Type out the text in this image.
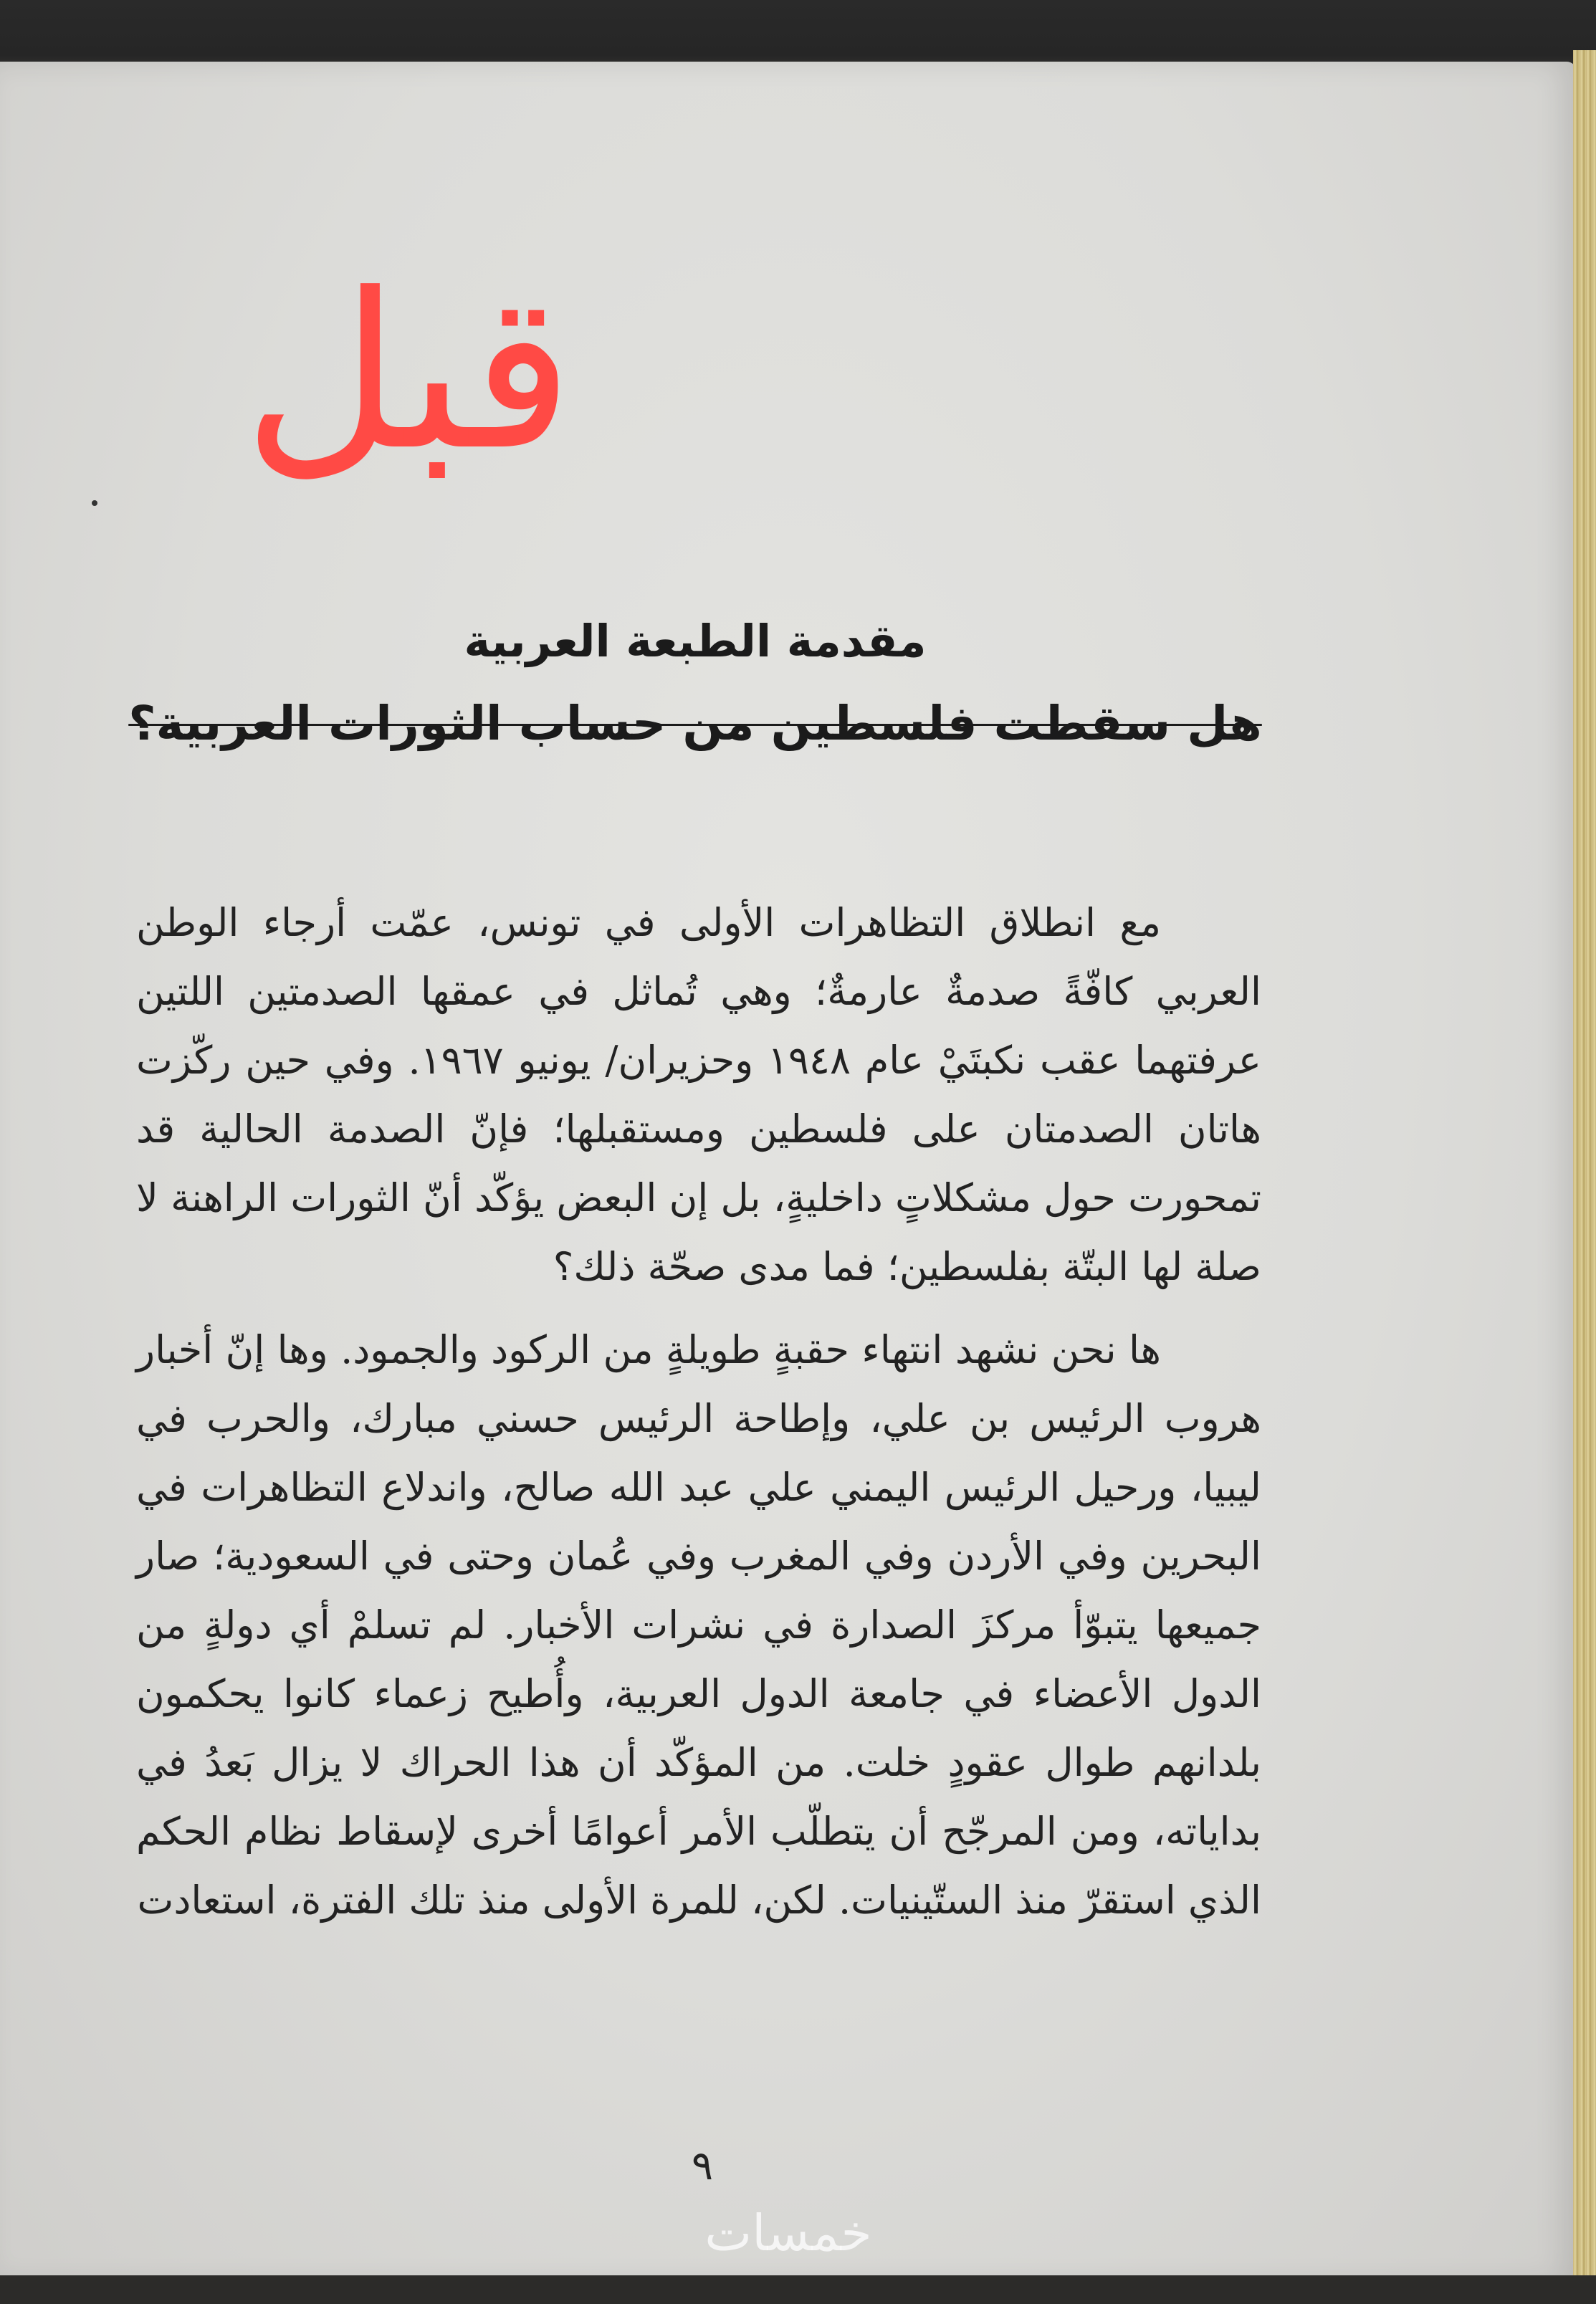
قبل
مقدمة الطبعة العربية
هل سقطت فلسطين من حساب الثورات العربية؟

مع انطلاق التظاهرات الأولى في تونس، عمّت أرجاء الوطن العربي كافّةً صدمةٌ عارمةٌ؛ وهي تُماثل في عمقها الصدمتين اللتين عرفتهما عقب نكبتَيْ عام ١٩٤٨ وحزيران/ يونيو ١٩٦٧. وفي حين ركّزت هاتان الصدمتان على فلسطين ومستقبلها؛ فإنّ الصدمة الحالية قد تمحورت حول مشكلاتٍ داخليةٍ، بل إن البعض يؤكّد أنّ الثورات الراهنة لا صلة لها البتّة بفلسطين؛ فما مدى صحّة ذلك؟

ها نحن نشهد انتهاء حقبةٍ طويلةٍ من الركود والجمود. وها إنّ أخبار هروب الرئيس بن علي، وإطاحة الرئيس حسني مبارك، والحرب في ليبيا، ورحيل الرئيس اليمني علي عبد الله صالح، واندلاع التظاهرات في البحرين وفي الأردن وفي المغرب وفي عُمان وحتى في السعودية؛ صار جميعها يتبوّأ مركزَ الصدارة في نشرات الأخبار. لم تسلمْ أي دولةٍ من الدول الأعضاء في جامعة الدول العربية، وأُطيح زعماء كانوا يحكمون بلدانهم طوال عقودٍ خلت. من المؤكّد أن هذا الحراك لا يزال بَعدُ في بداياته، ومن المرجّح أن يتطلّب الأمر أعوامًا أخرى لإسقاط نظام الحكم الذي استقرّ منذ الستّينيات. لكن، للمرة الأولى منذ تلك الفترة، استعادت

٩
خمسات
